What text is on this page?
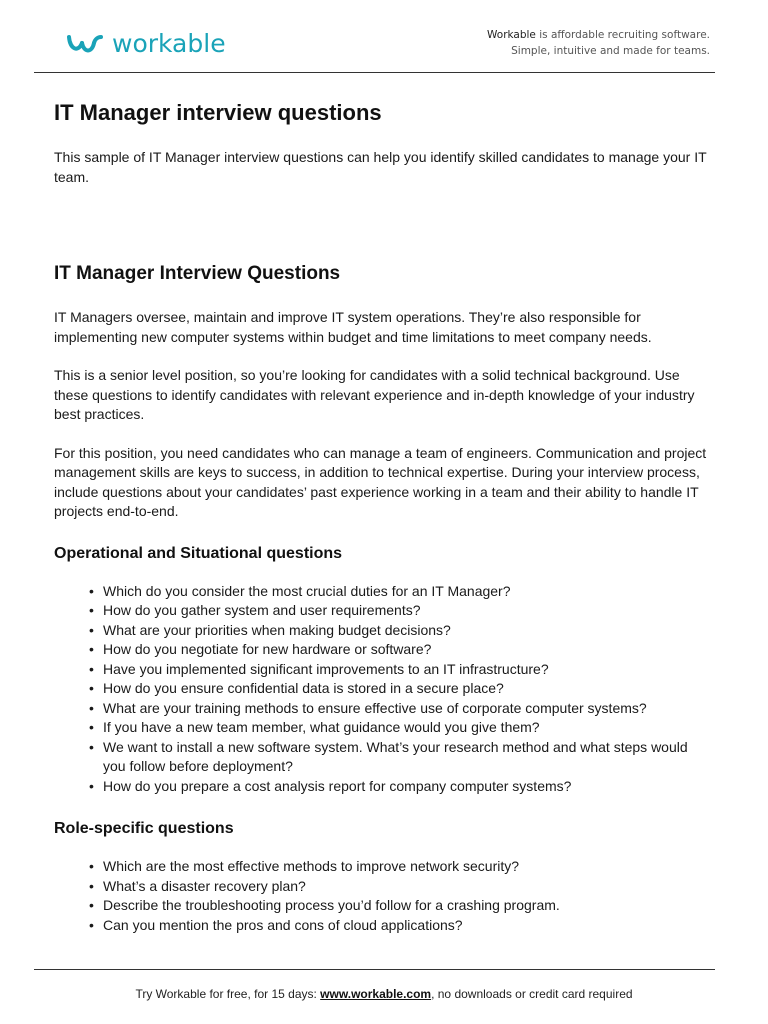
workable	Workable is affordable recruiting software.
Simple, intuitive and made for teams.
IT Manager interview questions

This sample of IT Manager interview questions can help you identify skilled candidates to manage your IT team.

IT Manager Interview Questions

IT Managers oversee, maintain and improve IT system operations. They’re also responsible for implementing new computer systems within budget and time limitations to meet company needs.

This is a senior level position, so you’re looking for candidates with a solid technical background. Use these questions to identify candidates with relevant experience and in-depth knowledge of your industry best practices.

For this position, you need candidates who can manage a team of engineers. Communication and project management skills are keys to success, in addition to technical expertise. During your interview process, include questions about your candidates’ past experience working in a team and their ability to handle IT projects end-to-end.

Operational and Situational questions
• Which do you consider the most crucial duties for an IT Manager?
• How do you gather system and user requirements?
• What are your priorities when making budget decisions?
• How do you negotiate for new hardware or software?
• Have you implemented significant improvements to an IT infrastructure?
• How do you ensure confidential data is stored in a secure place?
• What are your training methods to ensure effective use of corporate computer systems?
• If you have a new team member, what guidance would you give them?
• We want to install a new software system. What’s your research method and what steps would you follow before deployment?
• How do you prepare a cost analysis report for company computer systems?
Role-specific questions
• Which are the most effective methods to improve network security?
• What’s a disaster recovery plan?
• Describe the troubleshooting process you’d follow for a crashing program.
• Can you mention the pros and cons of cloud applications?
Try Workable for free, for 15 days: www.workable.com, no downloads or credit card required
